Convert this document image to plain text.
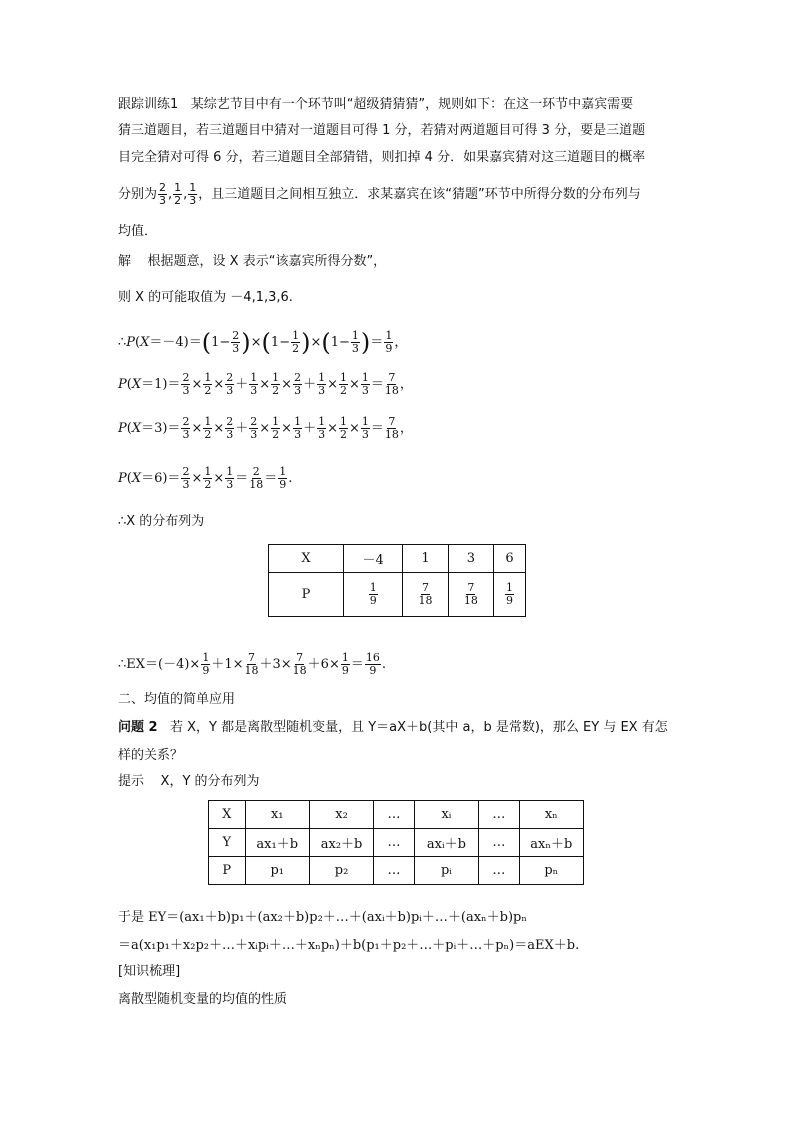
跟踪训练1 某综艺节目中有一个环节叫“超级猜猜猜”，规则如下：在这一环节中嘉宾需要
猜三道题目，若三道题目中猜对一道题目可得 1 分，若猜对两道题目可得 3 分，要是三道题
目完全猜对可得 6 分，若三道题目全部猜错，则扣掉 4 分．如果嘉宾猜对这三道题目的概率
分别为 $\frac{2}{3}$ , $\frac{1}{2}$ , $\frac{1}{3}$ ，且三道题目之间相互独立．求某嘉宾在该“猜题”环节中所得分数的分布列与
均值．
解 根据题意，设 X 表示“该嘉宾所得分数”，
则 X 的可能取值为 －4,1,3,6.
∴P(X＝－4)＝(1− $\frac{2}{3} )\times(1- \frac{1}{2} )\times(1- \frac{1}{3}$ )＝ $\frac{1}{9}$ ，
$P(X=1)= \frac{2}{3} \times \frac{1}{2} \times \frac{2}{3} + \frac{1}{3} \times \frac{1}{2} \times \frac{2}{3} + \frac{1}{3} \times \frac{1}{2} \times \frac{1}{3} = \frac{7}{18}$ ，
$P(X=3)= \frac{2}{3} \times \frac{1}{2} \times \frac{2}{3} + \frac{2}{3} \times \frac{1}{2} \times \frac{1}{3} + \frac{1}{3} \times \frac{1}{2} \times \frac{1}{3} = \frac{7}{18}$ ，
$P(X=6)= \frac{2}{3} \times \frac{1}{2} \times \frac{1}{3} = \frac{2}{18} = \frac{1}{9}$ .
∴X 的分布列为
X	－4	1	3	6
P	$\frac{1}{9}$	$\frac{7}{18}$	$\frac{7}{18}$	$\frac{1}{9}$
∴EX＝(－4)× $\frac{1}{9} +1\times \frac{7}{18} +3\times \frac{7}{18} +6\times \frac{1}{9} = \frac{16}{9}$ .
二、均值的简单应用
问题 2 若 X，Y 都是离散型随机变量，且 Y＝aX＋b(其中 a，b 是常数)，那么 EY 与 EX 有怎
样的关系？
提示 X，Y 的分布列为
X	x₁	x₂	…	xᵢ	…	xₙ
Y	ax₁＋b	ax₂＋b	…	axᵢ＋b	…	axₙ＋b
P	p₁	p₂	…	pᵢ	…	pₙ
于是 EY＝(ax₁＋b)p₁＋(ax₂＋b)p₂＋…＋(axᵢ＋b)pᵢ＋…＋(axₙ＋b)pₙ
＝a(x₁p₁＋x₂p₂＋…＋xᵢpᵢ＋…＋xₙpₙ)＋b(p₁＋p₂＋…＋pᵢ＋…＋pₙ)＝aEX＋b.
[知识梳理]
离散型随机变量的均值的性质
